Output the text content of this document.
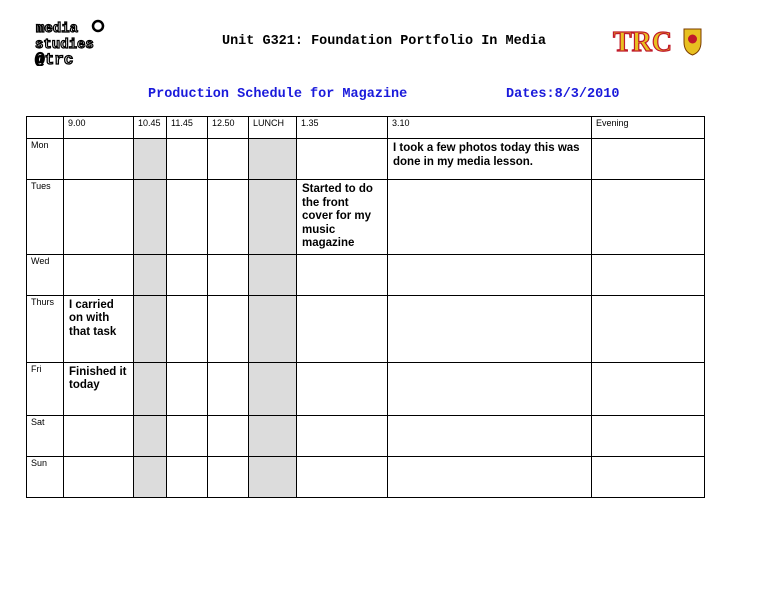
media
studies
@trc
Unit G321: Foundation Portfolio In Media	TRC
Production Schedule for Magazine	Dates:8/3/2010
	9.00	10.45	11.45	12.50	LUNCH	1.35	3.10	Evening
Mon							I took a few photos today this was done in my media lesson.	
Tues						Started to do the front cover for my music magazine		
Wed								
Thurs	I carried on with that task							
Fri	Finished it today							
Sat								
Sun								
